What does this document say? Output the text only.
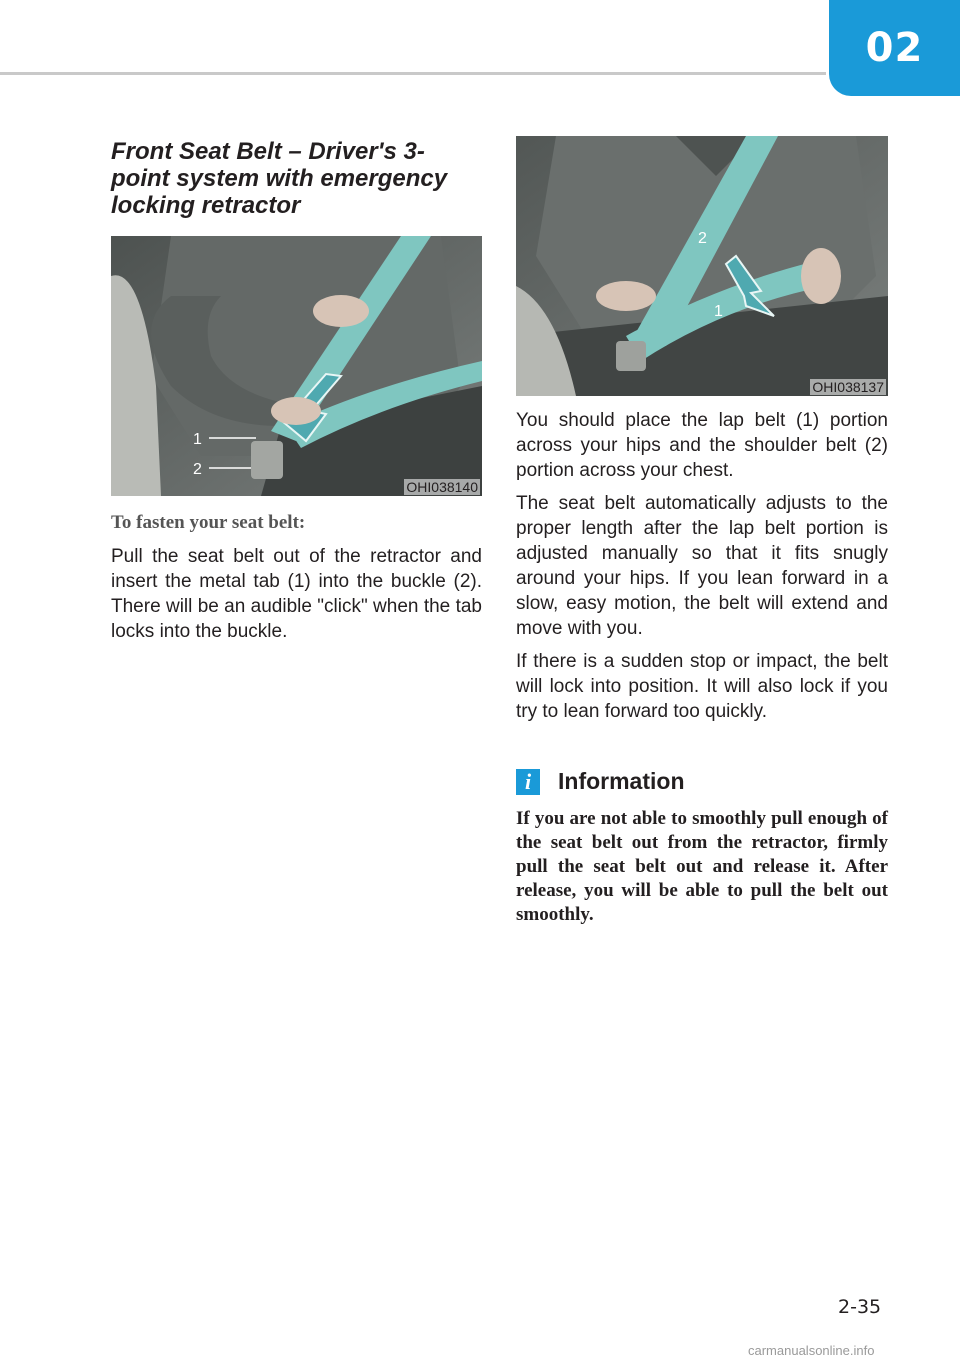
02
Front Seat Belt – Driver's 3-point system with emergency locking retractor
1
2
OHI038140

To fasten your seat belt:

Pull the seat belt out of the retractor and insert the metal tab (1) into the buckle (2). There will be an audible "click" when the tab locks into the buckle.

2
1
OHI038137

You should place the lap belt (1) portion across your hips and the shoulder belt (2) portion across your chest.

The seat belt automatically adjusts to the proper length after the lap belt portion is adjusted manually so that it fits snugly around your hips. If you lean forward in a slow, easy motion, the belt will extend and move with you.

If there is a sudden stop or impact, the belt will lock into position. It will also lock if you try to lean forward too quickly.

i	Information

If you are not able to smoothly pull enough of the seat belt out from the retractor, firmly pull the seat belt out and release it. After release, you will be able to pull the belt out smoothly.

2-35
carmanualsonline.info
